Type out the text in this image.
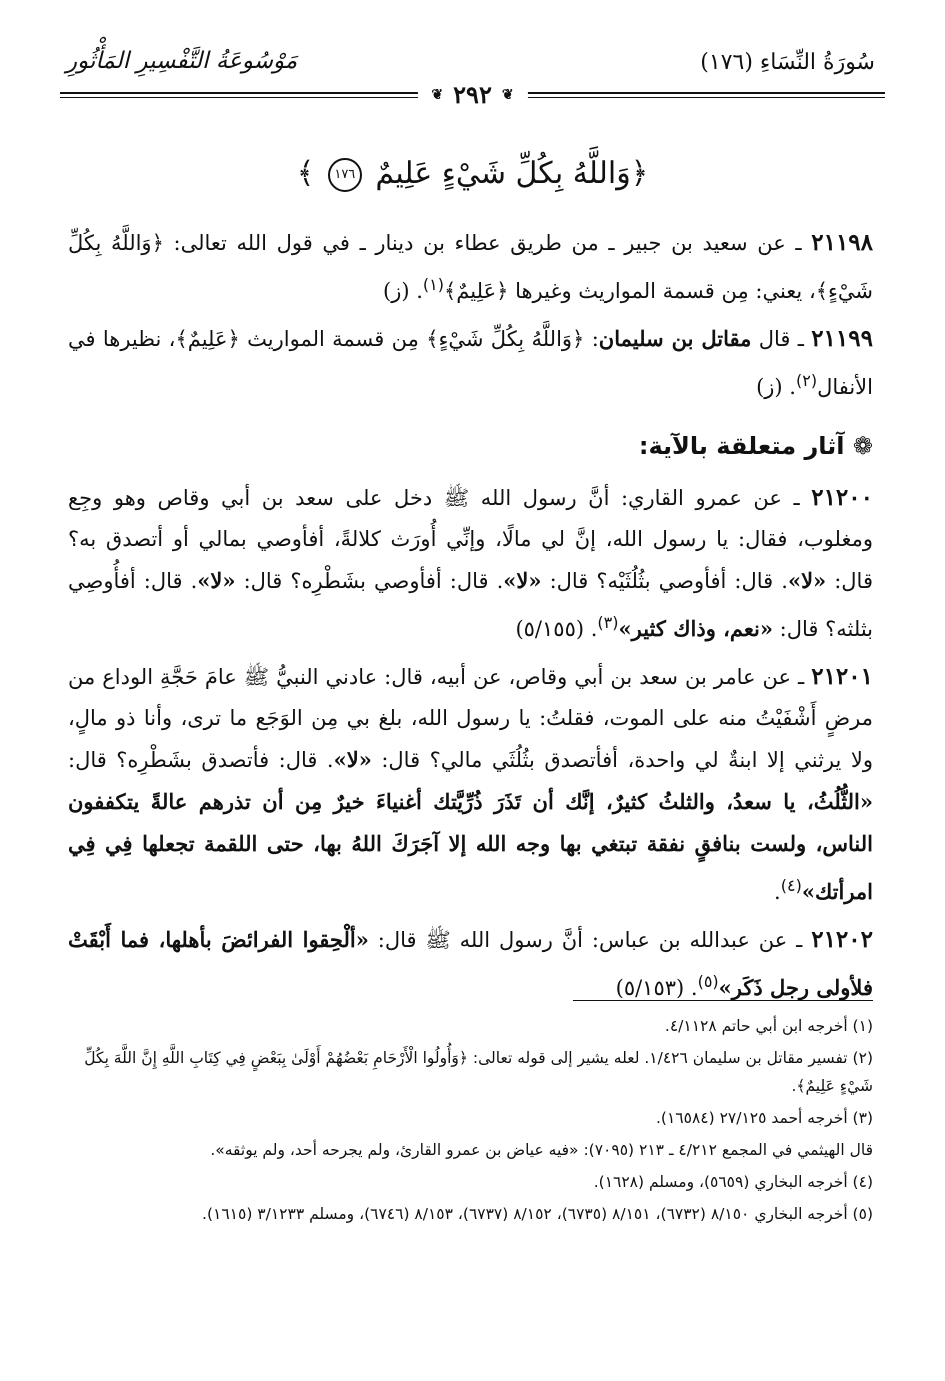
سُورَةُ النِّسَاءِ (١٧٦)
مَوْسُوعَةُ التَّفْسِيرِ المَأْثُورِ
❦ ٢٩٢ ❦
﴿وَاللَّهُ بِكُلِّ شَيْءٍ عَلِيمٌ ١٧٦ ﴾

٢١١٩٨ ـ عن سعيد بن جبير ـ من طريق عطاء بن دينار ـ في قول الله تعالى: ﴿وَاللَّهُ بِكُلِّ شَيْءٍ﴾، يعني: مِن قسمة المواريث وغيرها ﴿عَلِيمٌ﴾$^{(١)}$. (ز)

٢١١٩٩ ـ قال مقاتل بن سليمان: ﴿وَاللَّهُ بِكُلِّ شَيْءٍ﴾ مِن قسمة المواريث ﴿عَلِيمٌ﴾، نظيرها في الأنفال$^{(٢)}$. (ز)

❁ آثار متعلقة بالآية:

٢١٢٠٠ ـ عن عمرو القاري: أنَّ رسول الله ﷺ دخل على سعد بن أبي وقاص وهو وجِع ومغلوب، فقال: يا رسول الله، إنَّ لي مالًا، وإنِّي أُورَث كلالةً، أفأوصي بمالي أو أتصدق به؟ قال: «لا». قال: أفأوصي بثُلُثَيْه؟ قال: «لا». قال: أفأوصي بشَطْرِه؟ قال: «لا». قال: أفأُوصِي بثلثه؟ قال: «نعم، وذاك كثير»$^{(٣)}$. (٥/١٥٥)

٢١٢٠١ ـ عن عامر بن سعد بن أبي وقاص، عن أبيه، قال: عادني النبيُّ ﷺ عامَ حَجَّةِ الوداع من مرضٍ أَشْفَيْتُ منه على الموت، فقلتُ: يا رسول الله، بلغ بي مِن الوَجَع ما ترى، وأنا ذو مالٍ، ولا يرثني إلا ابنةٌ لي واحدة، أفأتصدق بثُلُثَي مالي؟ قال: «لا». قال: فأتصدق بشَطْرِه؟ قال: «الثُّلُثُ، يا سعدُ، والثلثُ كثيرٌ، إنَّك أن تَذَرَ ذُرِّيَّتك أغنياءَ خيرٌ مِن أن تذرهم عالةً يتكففون الناس، ولست بنافقٍ نفقة تبتغي بها وجه الله إلا آجَرَكَ اللهُ بها، حتى اللقمة تجعلها فِي فِي امرأتك»$^{(٤)}$.

٢١٢٠٢ ـ عن عبدالله بن عباس: أنَّ رسول الله ﷺ قال: «ألْحِقوا الفرائضَ بأهلها، فما أَبْقَتْ فلأولى رجل ذَكَر»$^{(٥)}$. (٥/١٥٣)

(١) أخرجه ابن أبي حاتم ٤/١١٢٨.

(٢) تفسير مقاتل بن سليمان ١/٤٢٦. لعله يشير إلى قوله تعالى: ﴿وَأُولُوا الْأَرْحَامِ بَعْضُهُمْ أَوْلَىٰ بِبَعْضٍ فِي كِتَابِ اللَّهِ إِنَّ اللَّهَ بِكُلِّ شَيْءٍ عَلِيمٌ﴾.

(٣) أخرجه أحمد ٢٧/١٢٥ (١٦٥٨٤).

قال الهيثمي في المجمع ٤/٢١٢ ـ ٢١٣ (٧٠٩٥): «فيه عياض بن عمرو القارئ، ولم يجرحه أحد، ولم يوثقه».

(٤) أخرجه البخاري (٥٦٥٩)، ومسلم (١٦٢٨).

(٥) أخرجه البخاري ٨/١٥٠ (٦٧٣٢)، ٨/١٥١ (٦٧٣٥)، ٨/١٥٢ (٦٧٣٧)، ٨/١٥٣ (٦٧٤٦)، ومسلم ٣/١٢٣٣ (١٦١٥).
